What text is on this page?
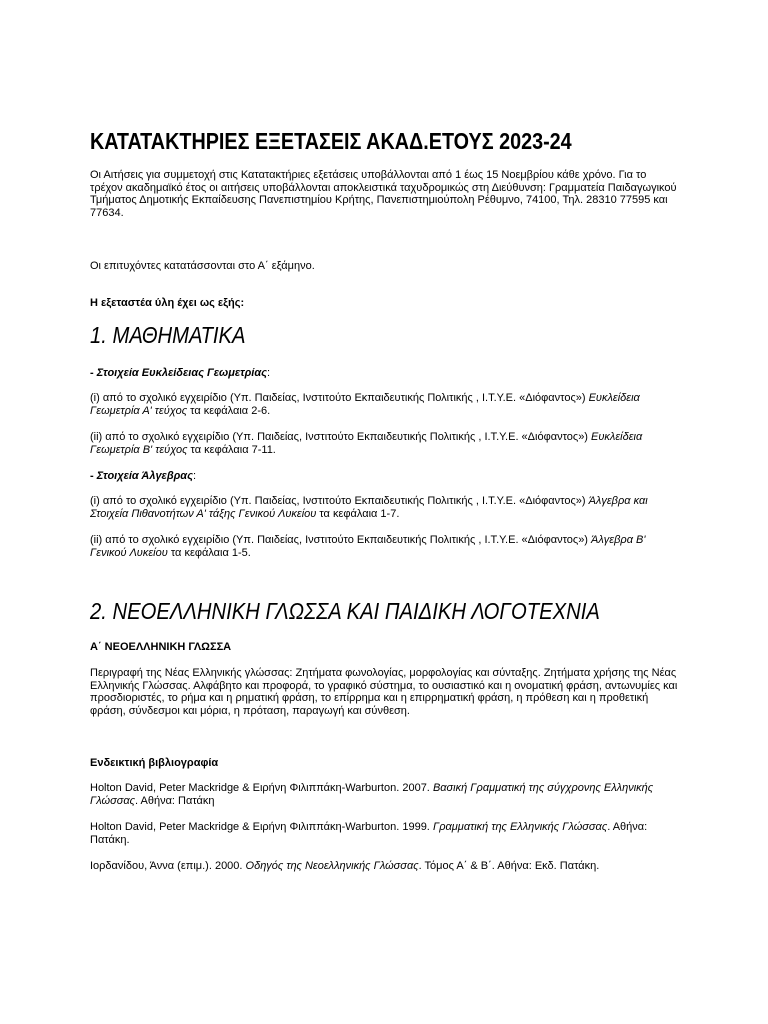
ΚΑΤΑΤΑΚΤΗΡΙΕΣ ΕΞΕΤΑΣΕΙΣ ΑΚΑΔ.ΕΤΟΥΣ 2023-24

Οι Αιτήσεις για συμμετοχή στις Κατατακτήριες εξετάσεις υποβάλλονται από 1 έως 15 Νοεμβρίου κάθε χρόνο. Για το τρέχον ακαδημαϊκό έτος οι αιτήσεις υποβάλλονται αποκλειστικά ταχυδρομικώς στη Διεύθυνση: Γραμματεία Παιδαγωγικού Τμήματος Δημοτικής Εκπαίδευσης Πανεπιστημίου Κρήτης, Πανεπιστημιούπολη Ρέθυμνο, 74100, Τηλ. 28310 77595 και 77634.

Οι επιτυχόντες κατατάσσονται στο Α΄ εξάμηνο.

Η εξεταστέα ύλη έχει ως εξής:

1. ΜΑΘΗΜΑΤΙΚΑ

- Στοιχεία Ευκλείδειας Γεωμετρίας:

(i) από το σχολικό εγχειρίδιο (Υπ. Παιδείας, Ινστιτούτο Εκπαιδευτικής Πολιτικής , Ι.Τ.Υ.Ε. «Διόφαντος») Ευκλείδεια Γεωμετρία Α' τεύχος τα κεφάλαια 2-6.

(ii) από το σχολικό εγχειρίδιο (Υπ. Παιδείας, Ινστιτούτο Εκπαιδευτικής Πολιτικής , Ι.Τ.Υ.Ε. «Διόφαντος») Ευκλείδεια Γεωμετρία Β' τεύχος τα κεφάλαια 7-11.

- Στοιχεία Άλγεβρας:

(i) από το σχολικό εγχειρίδιο (Υπ. Παιδείας, Ινστιτούτο Εκπαιδευτικής Πολιτικής , Ι.Τ.Υ.Ε. «Διόφαντος») Άλγεβρα και Στοιχεία Πιθανοτήτων Α' τάξης Γενικού Λυκείου τα κεφάλαια 1-7.

(ii) από το σχολικό εγχειρίδιο (Υπ. Παιδείας, Ινστιτούτο Εκπαιδευτικής Πολιτικής , Ι.Τ.Υ.Ε. «Διόφαντος») Άλγεβρα Β' Γενικού Λυκείου τα κεφάλαια 1-5.

2. ΝΕΟΕΛΛΗΝΙΚΗ ΓΛΩΣΣΑ ΚΑΙ ΠΑΙΔΙΚΗ ΛΟΓΟΤΕΧΝΙΑ

Α΄ ΝΕΟΕΛΛΗΝΙΚΗ ΓΛΩΣΣΑ

Περιγραφή της Νέας Ελληνικής γλώσσας: Ζητήματα φωνολογίας, μορφολογίας και σύνταξης. Ζητήματα χρήσης της Νέας Ελληνικής Γλώσσας. Αλφάβητο και προφορά, το γραφικό σύστημα, το ουσιαστικό και η ονοματική φράση, αντωνυμίες και προσδιοριστές, το ρήμα και η ρηματική φράση, το επίρρημα και η επιρρηματική φράση, η πρόθεση και η προθετική φράση, σύνδεσμοι και μόρια, η πρόταση, παραγωγή και σύνθεση.

Ενδεικτική βιβλιογραφία

Holton David, Peter Mackridge & Ειρήνη Φιλιππάκη-Warburton. 2007. Βασική Γραμματική της σύγχρονης Ελληνικής Γλώσσας. Αθήνα: Πατάκη

Holton David, Peter Mackridge & Ειρήνη Φιλιππάκη-Warburton. 1999. Γραμματική της Ελληνικής Γλώσσας. Αθήνα: Πατάκη.

Ιορδανίδου, Άννα (επιμ.). 2000. Οδηγός της Νεοελληνικής Γλώσσας. Τόμος Α΄ & Β΄. Αθήνα: Εκδ. Πατάκη.
